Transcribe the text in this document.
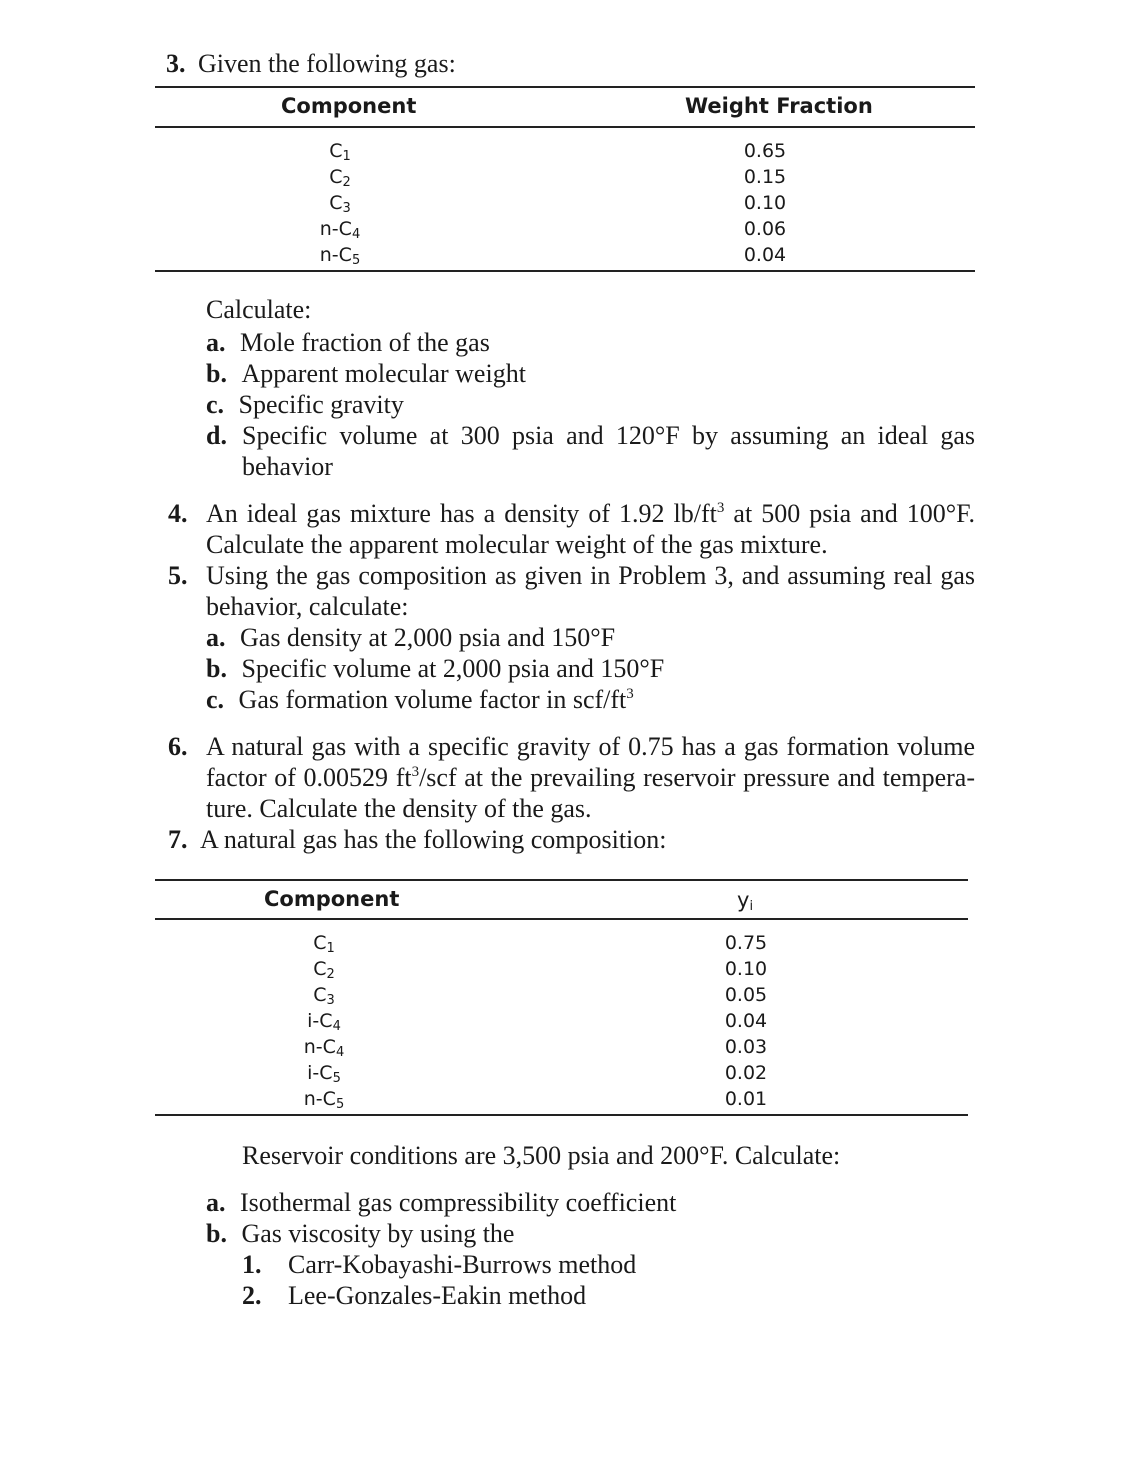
3. Given the following gas:
Component	Weight Fraction
$C_1$
$C_2$
$C_3$
$n-C_4$
$n-C_5$
0.65
0.15
0.10
0.06
0.04
Calculate:
a. Mole fraction of the gas
b. Apparent molecular weight
c. Specific gravity
d. Specific volume at 300 psia and 120°F by assuming an ideal gas
behavior
4. An ideal gas mixture has a density of 1.92 $lb/ft^3$ at 500 psia and 100°F.
Calculate the apparent molecular weight of the gas mixture.
5. Using the gas composition as given in Problem 3, and assuming real gas
behavior, calculate:
a. Gas density at 2,000 psia and 150°F
b. Specific volume at 2,000 psia and 150°F
c. Gas formation volume factor in scf/$ft^3$
6. A natural gas with a specific gravity of 0.75 has a gas formation volume
factor of 0.00529 $ft^3$/scf at the prevailing reservoir pressure and tempera-
ture. Calculate the density of the gas.
7. A natural gas has the following composition:
Component	$y_i$
$C_1$
$C_2$
$C_3$
$i-C_4$
$n-C_4$
$i-C_5$
$n-C_5$
0.75
0.10
0.05
0.04
0.03
0.02
0.01
Reservoir conditions are 3,500 psia and 200°F. Calculate:
a. Isothermal gas compressibility coefficient
b. Gas viscosity by using the
1. Carr-Kobayashi-Burrows method
2. Lee-Gonzales-Eakin method
